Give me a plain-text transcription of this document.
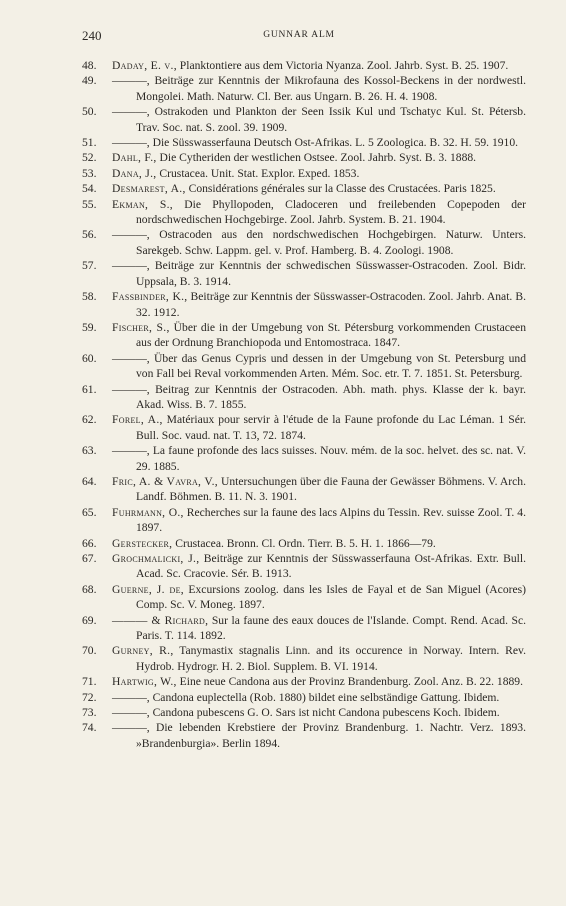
240	GUNNAR ALM
48.	Daday, E. v., Planktontiere aus dem Victoria Nyanza. Zool. Jahrb. Syst. B. 25. 1907.
49.	———, Beiträge zur Kenntnis der Mikrofauna des Kossol-Beckens in der nordwestl. Mongolei. Math. Naturw. Cl. Ber. aus Ungarn. B. 26. H. 4. 1908.
50.	———, Ostrakoden und Plankton der Seen Issik Kul und Tschatyc Kul. St. Pétersb. Trav. Soc. nat. S. zool. 39. 1909.
51.	———, Die Süsswasserfauna Deutsch Ost-Afrikas. L. 5 Zoologica. B. 32. H. 59. 1910.
52.	Dahl, F., Die Cytheriden der westlichen Ostsee. Zool. Jahrb. Syst. B. 3. 1888.
53.	Dana, J., Crustacea. Unit. Stat. Explor. Exped. 1853.
54.	Desmarest, A., Considérations générales sur la Classe des Crustacées. Paris 1825.
55.	Ekman, S., Die Phyllopoden, Cladoceren und freilebenden Copepoden der nordschwedischen Hochgebirge. Zool. Jahrb. System. B. 21. 1904.
56.	———, Ostracoden aus den nordschwedischen Hochgebirgen. Naturw. Unters. Sarekgeb. Schw. Lappm. gel. v. Prof. Hamberg. B. 4. Zoologi. 1908.
57.	———, Beiträge zur Kenntnis der schwedischen Süsswasser-Ostracoden. Zool. Bidr. Uppsala, B. 3. 1914.
58.	Fassbinder, K., Beiträge zur Kenntnis der Süsswasser-Ostracoden. Zool. Jahrb. Anat. B. 32. 1912.
59.	Fischer, S., Über die in der Umgebung von St. Pétersburg vorkommenden Crustaceen aus der Ordnung Branchiopoda und Entomostraca. 1847.
60.	———, Über das Genus Cypris und dessen in der Umgebung von St. Petersburg und von Fall bei Reval vorkommenden Arten. Mém. Soc. etr. T. 7. 1851. St. Petersburg.
61.	———, Beitrag zur Kenntnis der Ostracoden. Abh. math. phys. Klasse der k. bayr. Akad. Wiss. B. 7. 1855.
62.	Forel, A., Matériaux pour servir à l'étude de la Faune profonde du Lac Léman. 1 Sér. Bull. Soc. vaud. nat. T. 13, 72. 1874.
63.	———, La faune profonde des lacs suisses. Nouv. mém. de la soc. helvet. des sc. nat. V. 29. 1885.
64.	Fric, A. & Vavra, V., Untersuchungen über die Fauna der Gewässer Böhmens. V. Arch. Landf. Böhmen. B. 11. N. 3. 1901.
65.	Fuhrmann, O., Recherches sur la faune des lacs Alpins du Tessin. Rev. suisse Zool. T. 4. 1897.
66.	Gerstecker, Crustacea. Bronn. Cl. Ordn. Tierr. B. 5. H. 1. 1866—79.
67.	Grochmalicki, J., Beiträge zur Kenntnis der Süsswasserfauna Ost-Afrikas. Extr. Bull. Acad. Sc. Cracovie. Sér. B. 1913.
68.	Guerne, J. de, Excursions zoolog. dans les Isles de Fayal et de San Miguel (Acores) Comp. Sc. V. Moneg. 1897.
69.	——— & Richard, Sur la faune des eaux douces de l'Islande. Compt. Rend. Acad. Sc. Paris. T. 114. 1892.
70.	Gurney, R., Tanymastix stagnalis Linn. and its occurence in Norway. Intern. Rev. Hydrob. Hydrogr. H. 2. Biol. Supplem. B. VI. 1914.
71.	Hartwig, W., Eine neue Candona aus der Provinz Brandenburg. Zool. Anz. B. 22. 1889.
72.	———, Candona euplectella (Rob. 1880) bildet eine selbständige Gattung. Ibidem.
73.	———, Candona pubescens G. O. Sars ist nicht Candona pubescens Koch. Ibidem.
74.	———, Die lebenden Krebstiere der Provinz Brandenburg. 1. Nachtr. Verz. 1893. »Brandenburgia». Berlin 1894.
